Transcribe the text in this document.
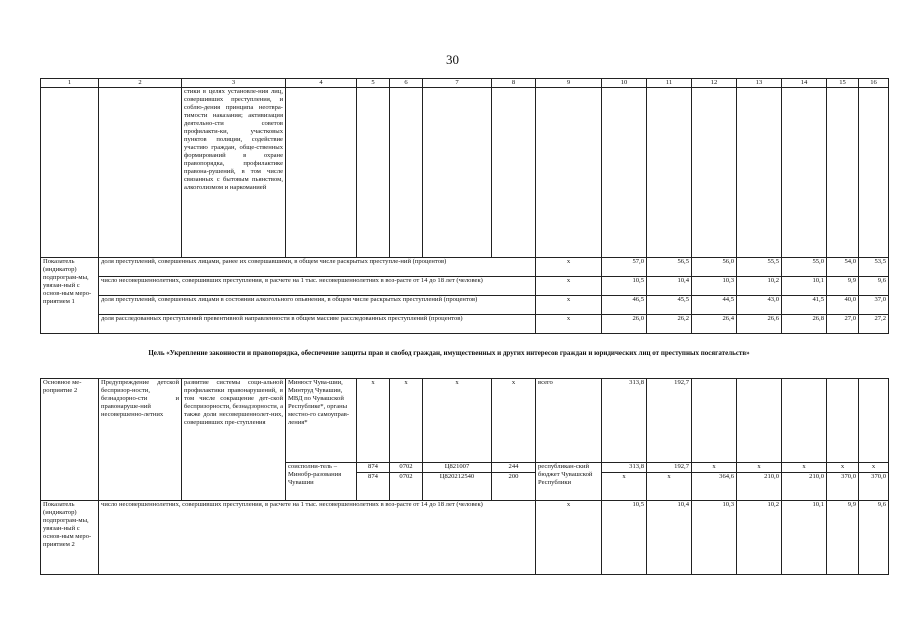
30
1	2	3	4	5	6	7	8	9	10	11	12	13	14	15	16
		стики в целях установле-ния лиц, совершивших преступления, и соблю-дения принципа неотвра-тимости наказания; активизация деятельно-сти советов профилакти-ки, участковых пунктов полиции, содействие участию граждан, обще-ственных формирований в охране правопорядка, профилактике правона-рушений, в том числе связанных с бытовым пьянством, алкоголизмом и наркоманией													
Показатель (индикатор) подпрограм-мы, увязан-ный с основ-ным меро-приятием 1	доля преступлений, совершенных лицами, ранее их совершавшими, в общем числе раскрытых преступле-ний (процентов)							х	57,0	56,5	56,0	55,5	55,0	54,0	53,5
	число несовершеннолетних, совершивших преступления, в расчете на 1 тыс. несовершеннолетних в воз-расте от 14 до 18 лет (человек)							х	10,5	10,4	10,3	10,2	10,1	9,9	9,6
	доля преступлений, совершенных лицами в состоянии алкогольного опьянения, в общем числе раскрытых преступлений (процентов)							х	46,5	45,5	44,5	43,0	41,5	40,0	37,0
	доля расследованных преступлений превентивной направленности в общем массиве расследованных преступлений (процентов)							х	26,0	26,2	26,4	26,6	26,8	27,0	27,2
Цель «Укрепление законности и правопорядка, обеспечение защиты прав и свобод граждан, имущественных и других интересов граждан и юридических лиц от преступных посягательств»
Основное ме-роприятие 2	Предупреждение детской беспризор-ности, безнадзорно-сти и правонаруше-ний несовершенно-летних	развитие системы соци-альной профилактики правонарушений, в том числе сокращение дет-ской беспризорности, безнадзорности, а также доли несовершеннолет-них, совершивших пре-ступления	Минюст Чува-шии, Минтруд Чувашии, МВД по Чувашской Республике*, органы местно-го самоуправ-ления*	х	х	х	х	всего	313,8	192,7					
			соисполни-тель – Минобр-разования Чувашии	874	0702	Ц821007	244	республикан-ский бюджет Чувашской Республики	313,8	192,7	х	х	х	х	х
				874	0702	Ц820212540	200		х	х	364,6	210,0	210,0	370,0	370,0
Показатель (индикатор) подпрограм-мы, увязан-ный с основ-ным меро-приятием 2	число несовершеннолетних, совершивших преступления, в расчете на 1 тыс. несовершеннолетних в воз-расте от 14 до 18 лет (человек)							х	10,5	10,4	10,3	10,2	10,1	9,9	9,6
